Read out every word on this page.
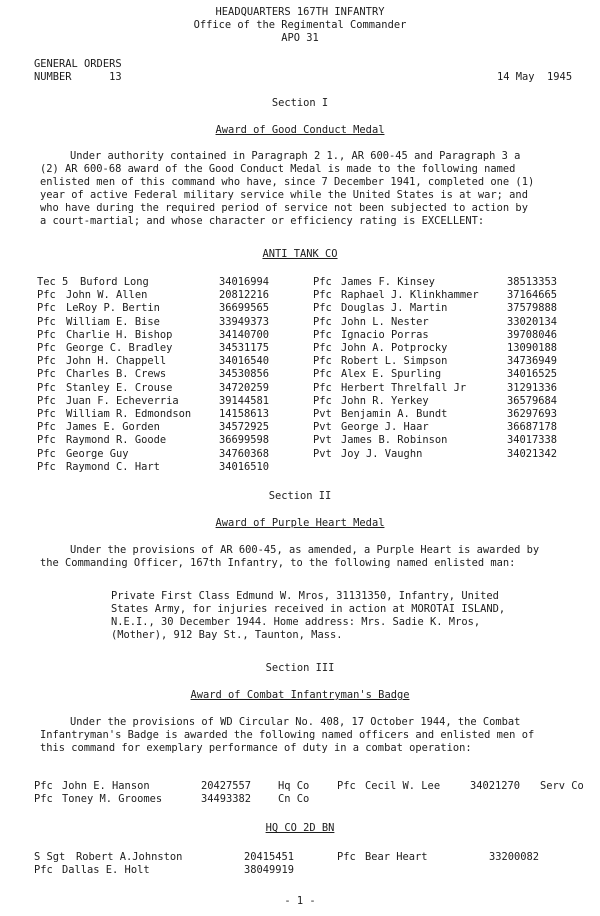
HEADQUARTERS 167TH INFANTRY
Office of the Regimental Commander
APO 31
GENERAL ORDERS
NUMBER      13	14 May  1945
Section I
Award of Good Conduct Medal
Under authority contained in Paragraph 2 1., AR 600-45 and Paragraph 3 a
(2) AR 600-68 award of the Good Conduct Medal is made to the following named
enlisted men of this command who have, since 7 December 1941, completed one (1)
year of active Federal military service while the United States is at war; and
who have during the required period of service not been subjected to action by
a court-martial; and whose character or efficiency rating is EXCELLENT:
ANTI TANK CO
Tec 5 Buford Long	34016994
Pfc John W. Allen	20812216
Pfc LeRoy P. Bertin	36699565
Pfc William E. Bise	33949373
Pfc Charlie H. Bishop	34140700
Pfc George C. Bradley	34531175
Pfc John H. Chappell	34016540
Pfc Charles B. Crews	34530856
Pfc Stanley E. Crouse	34720259
Pfc Juan F. Echeverria	39144581
Pfc William R. Edmondson	14158613
Pfc James E. Gorden	34572925
Pfc Raymond R. Goode	36699598
Pfc George Guy	34760368
Pfc Raymond C. Hart	34016510
Pfc James F. Kinsey	38513353
Pfc Raphael J. Klinkhammer	37164665
Pfc Douglas J. Martin	37579888
Pfc John L. Nester	33020134
Pfc Ignacio Porras	39708046
Pfc John A. Potprocky	13090188
Pfc Robert L. Simpson	34736949
Pfc Alex E. Spurling	34016525
Pfc Herbert Threlfall Jr	31291336
Pfc John R. Yerkey	36579684
Pvt Benjamin A. Bundt	36297693
Pvt George J. Haar	36687178
Pvt James B. Robinson	34017338
Pvt Joy J. Vaughn	34021342
Section II
Award of Purple Heart Medal
Under the provisions of AR 600-45, as amended, a Purple Heart is awarded by
the Commanding Officer, 167th Infantry, to the following named enlisted man:
Private First Class Edmund W. Mros, 31131350, Infantry, United
States Army, for injuries received in action at MOROTAI ISLAND,
N.E.I., 30 December 1944. Home address: Mrs. Sadie K. Mros,
(Mother), 912 Bay St., Taunton, Mass.
Section III
Award of Combat Infantryman's Badge
Under the provisions of WD Circular No. 408, 17 October 1944, the Combat
Infantryman's Badge is awarded the following named officers and enlisted men of
this command for exemplary performance of duty in a combat operation:
Pfc John E. Hanson	20427557	Hq Co	Pfc Cecil W. Lee	34021270 Serv Co
Pfc Toney M. Groomes	34493382	Cn Co
HQ CO 2D BN
S Sgt Robert A.Johnston	20415451	Pfc Bear Heart	33200082
Pfc Dallas E. Holt	38049919
- 1 -
